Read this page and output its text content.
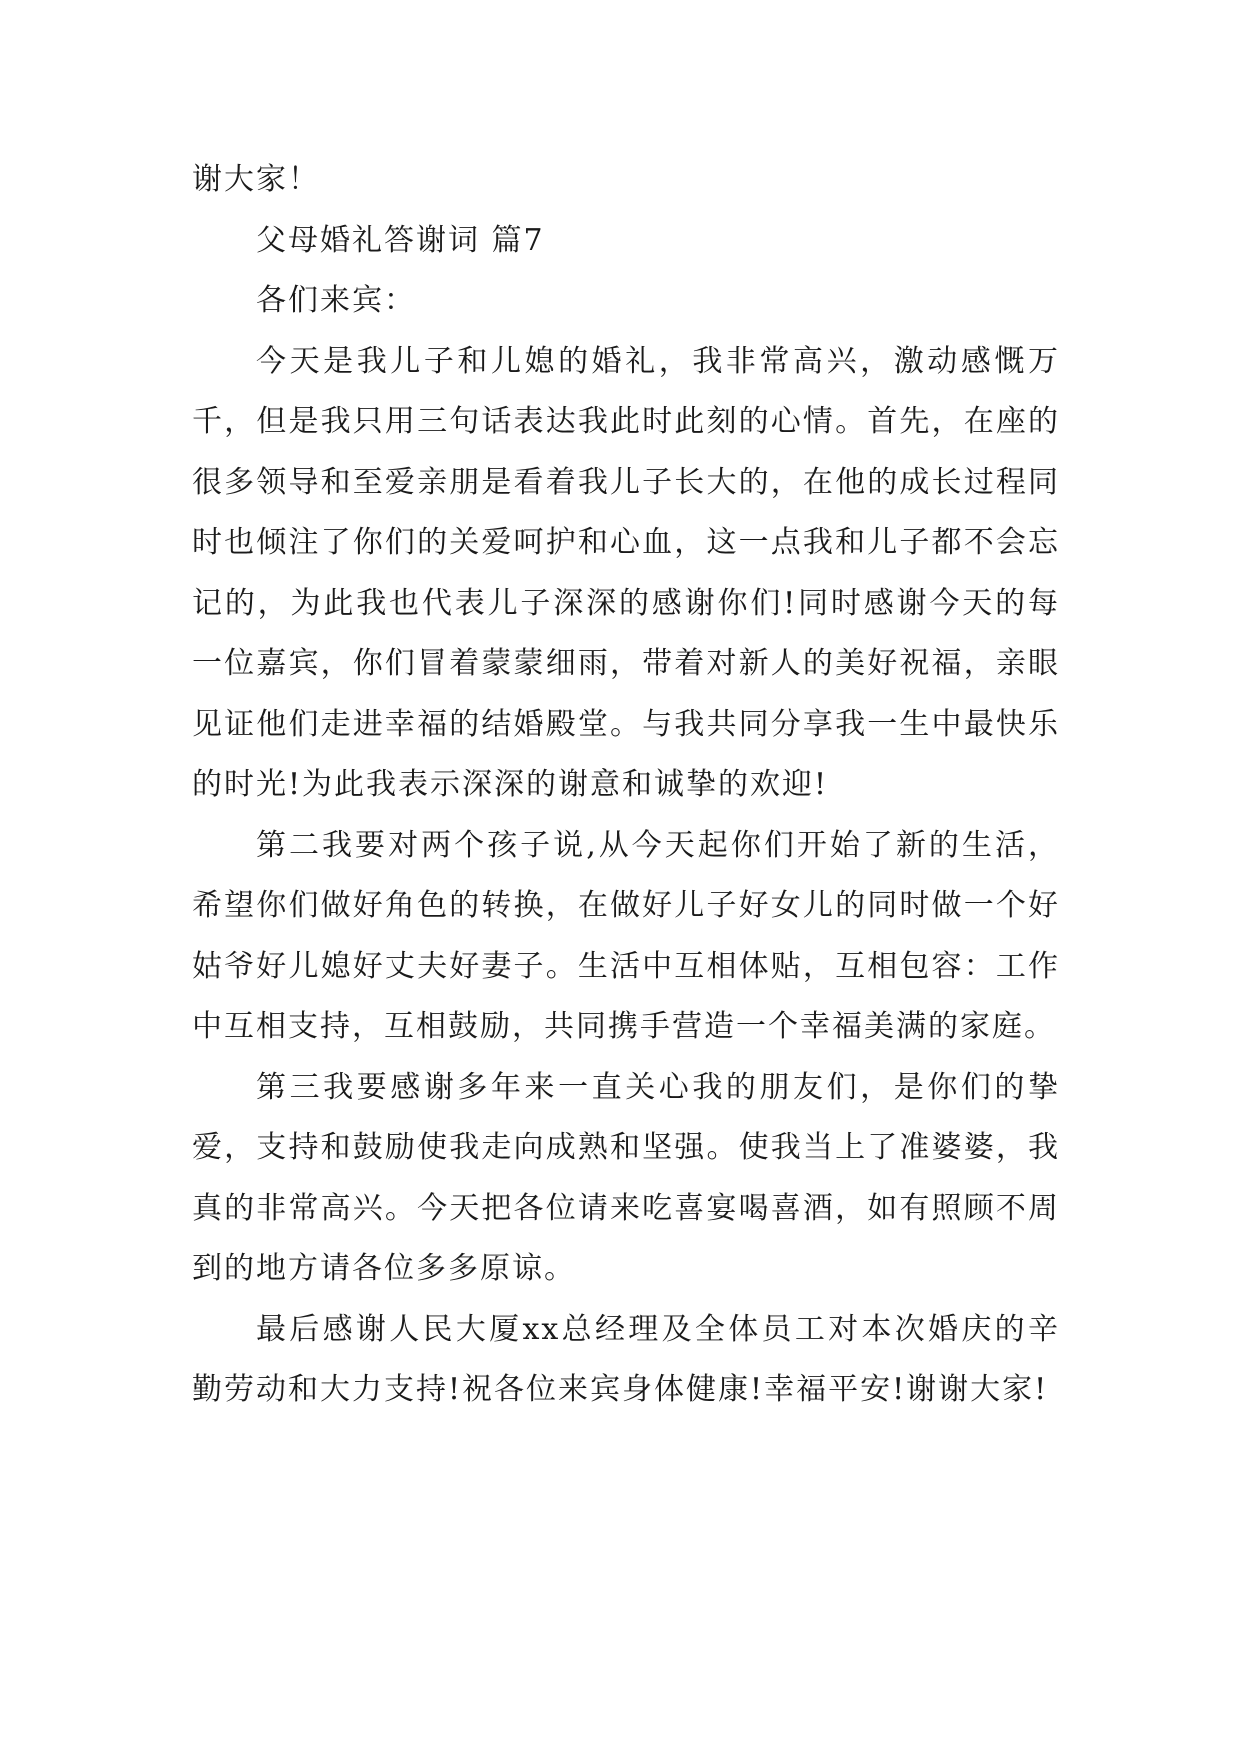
谢大家！

父母婚礼答谢词 篇7

各们来宾：

今天是我儿子和儿媳的婚礼，我非常高兴，激动感慨万千，但是我只用三句话表达我此时此刻的心情。首先，在座的很多领导和至爱亲朋是看着我儿子长大的，在他的成长过程同时也倾注了你们的关爱呵护和心血，这一点我和儿子都不会忘记的，为此我也代表儿子深深的感谢你们!同时感谢今天的每一位嘉宾，你们冒着蒙蒙细雨，带着对新人的美好祝福，亲眼见证他们走进幸福的结婚殿堂。与我共同分享我一生中最快乐的时光!为此我表示深深的谢意和诚挚的欢迎!

第二我要对两个孩子说,从今天起你们开始了新的生活，希望你们做好角色的转换，在做好儿子好女儿的同时做一个好姑爷好儿媳好丈夫好妻子。生活中互相体贴，互相包容：工作中互相支持，互相鼓励，共同携手营造一个幸福美满的家庭。

第三我要感谢多年来一直关心我的朋友们，是你们的挚爱，支持和鼓励使我走向成熟和坚强。使我当上了准婆婆，我真的非常高兴。今天把各位请来吃喜宴喝喜酒，如有照顾不周到的地方请各位多多原谅。

最后感谢人民大厦xx总经理及全体员工对本次婚庆的辛勤劳动和大力支持!祝各位来宾身体健康!幸福平安!谢谢大家!
